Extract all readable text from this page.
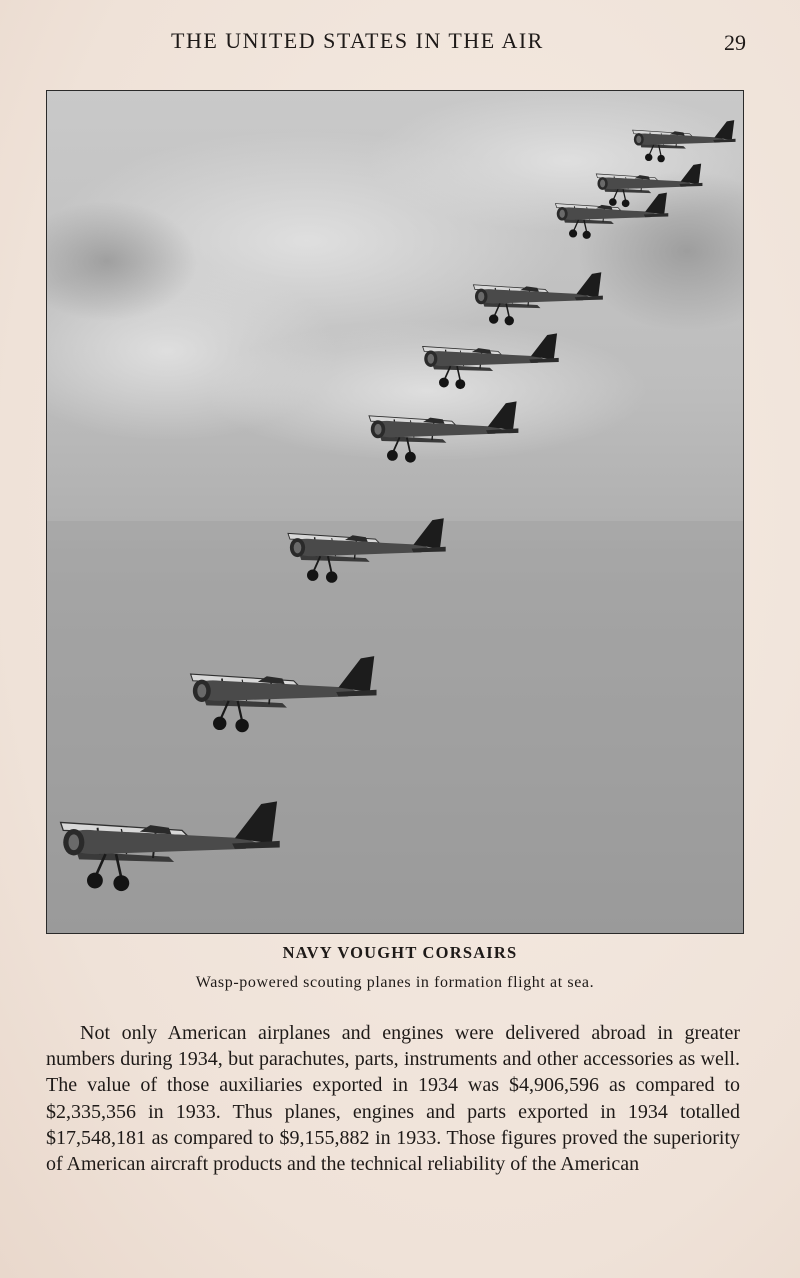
THE UNITED STATES IN THE AIR	29
NAVY VOUGHT CORSAIRS
Wasp-powered scouting planes in formation flight at sea.

Not only American airplanes and engines were delivered abroad in greater numbers during 1934, but parachutes, parts, instruments and other accessories as well. The value of those auxiliaries exported in 1934 was $4,906,596 as compared to $2,335,356 in 1933. Thus planes, engines and parts exported in 1934 totalled $17,548,181 as compared to $9,155,882 in 1933. Those figures proved the superiority of American aircraft products and the technical reliability of the American
